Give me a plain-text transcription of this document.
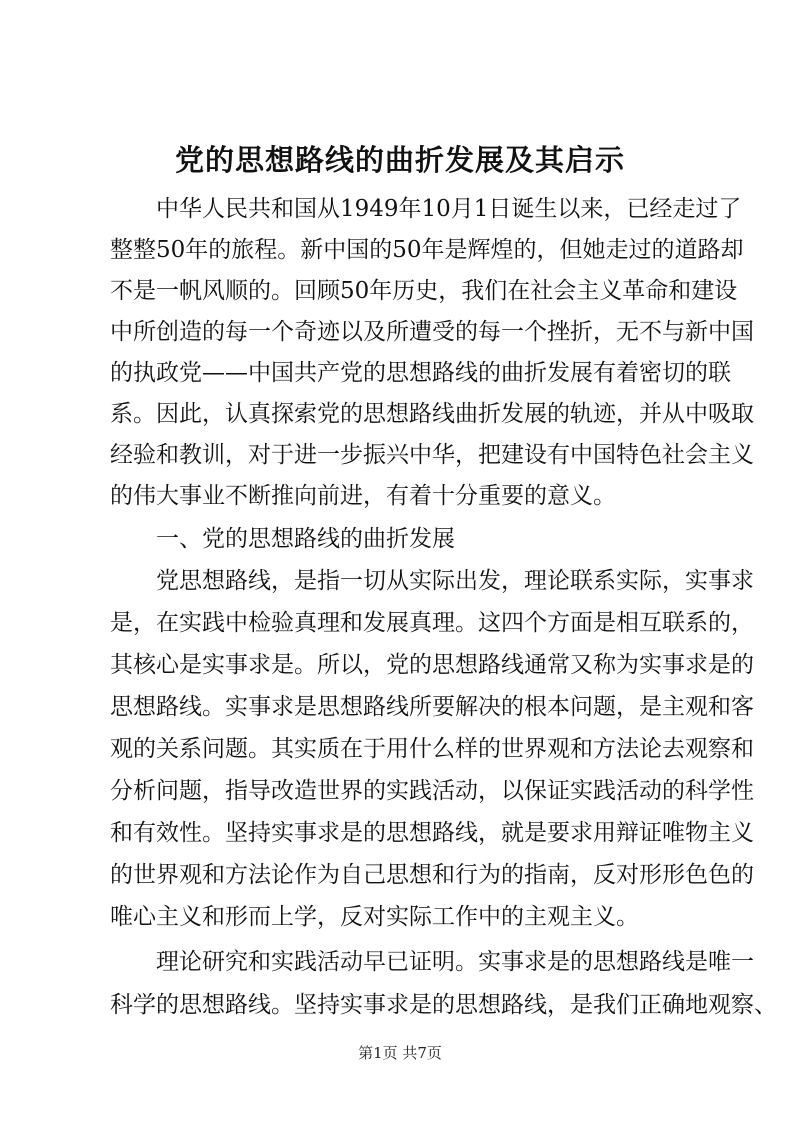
党的思想路线的曲折发展及其启示
中华人民共和国从1949年10月1日诞生以来，已经走过了
整整50年的旅程。新中国的50年是辉煌的，但她走过的道路却
不是一帆风顺的。回顾50年历史，我们在社会主义革命和建设
中所创造的每一个奇迹以及所遭受的每一个挫折，无不与新中国
的执政党——中国共产党的思想路线的曲折发展有着密切的联
系。因此，认真探索党的思想路线曲折发展的轨迹，并从中吸取
经验和教训，对于进一步振兴中华，把建设有中国特色社会主义
的伟大事业不断推向前进，有着十分重要的意义。
一、党的思想路线的曲折发展
党思想路线，是指一切从实际出发，理论联系实际，实事求
是，在实践中检验真理和发展真理。这四个方面是相互联系的，
其核心是实事求是。所以，党的思想路线通常又称为实事求是的
思想路线。实事求是思想路线所要解决的根本问题，是主观和客
观的关系问题。其实质在于用什么样的世界观和方法论去观察和
分析问题，指导改造世界的实践活动，以保证实践活动的科学性
和有效性。坚持实事求是的思想路线，就是要求用辩证唯物主义
的世界观和方法论作为自己思想和行为的指南，反对形形色色的
唯心主义和形而上学，反对实际工作中的主观主义。
理论研究和实践活动早已证明。实事求是的思想路线是唯一
科学的思想路线。坚持实事求是的思想路线，是我们正确地观察、
第1页 共7页
